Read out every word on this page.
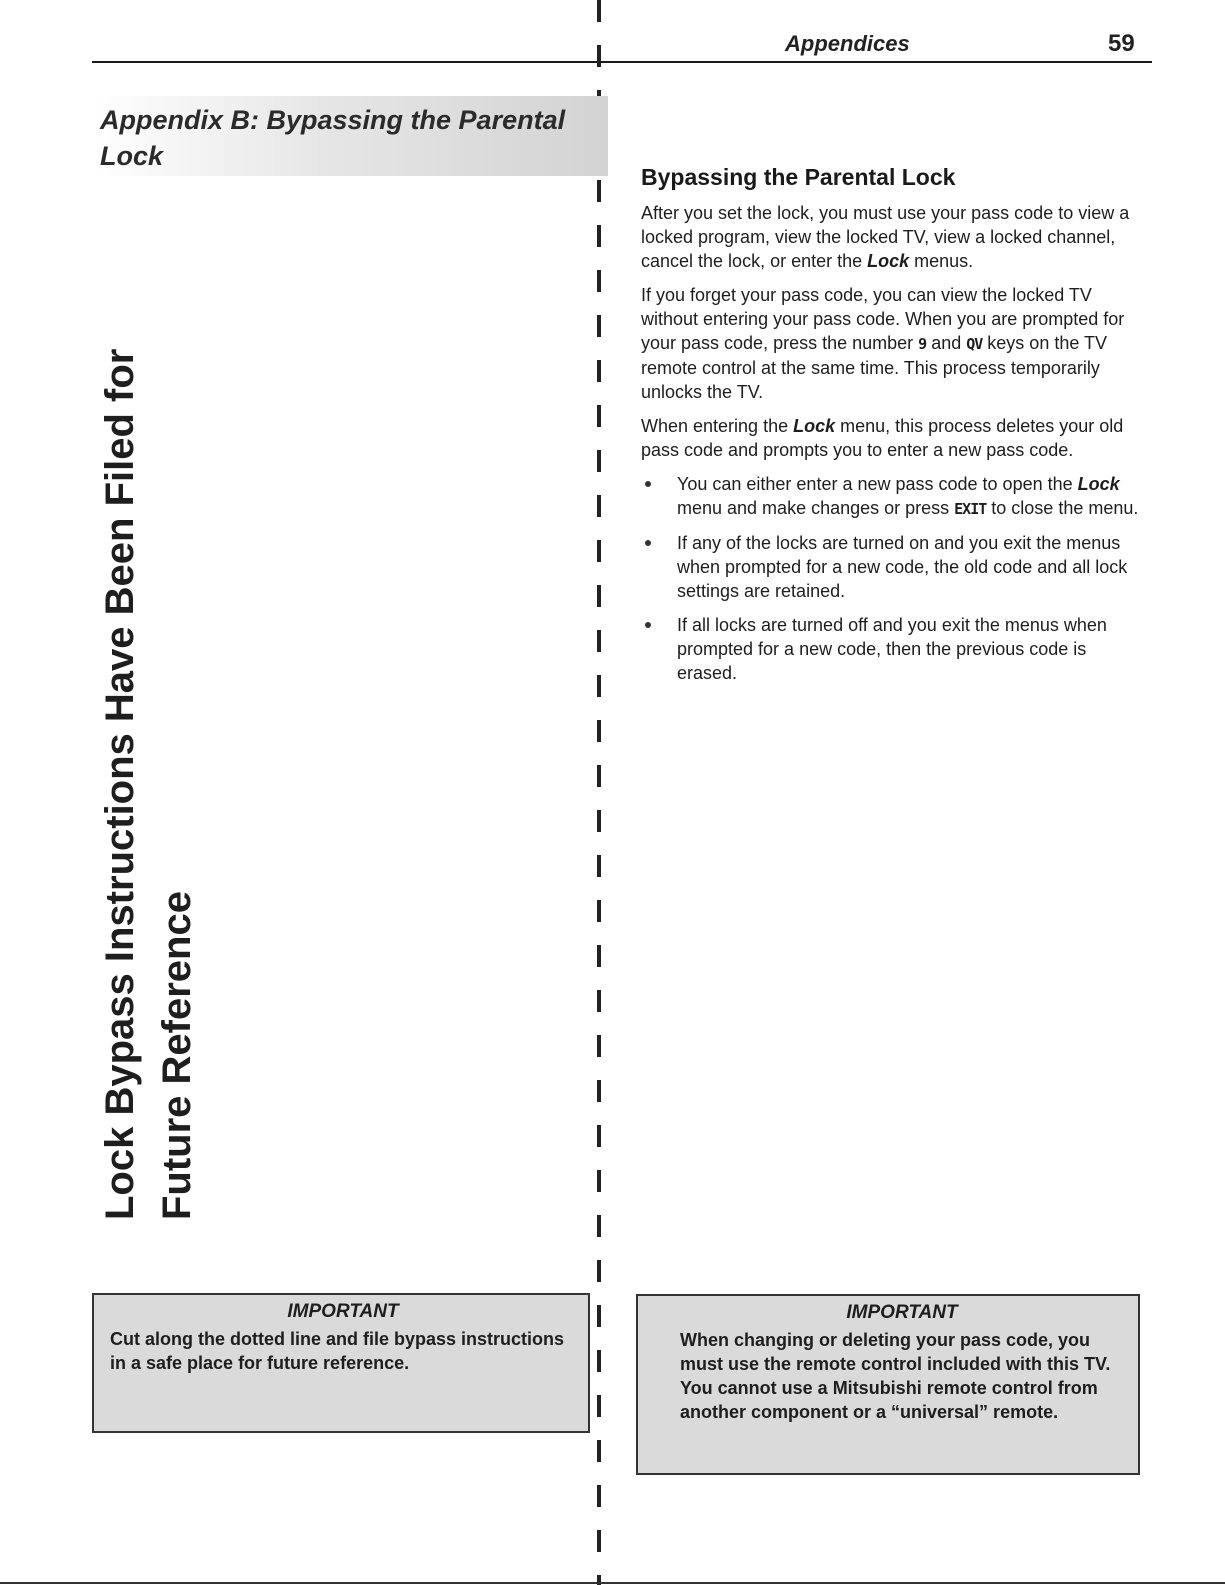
Appendices	59
Appendix B: Bypassing the Parental
Lock
Lock Bypass Instructions Have Been Filed for Future Reference
Bypassing the Parental Lock

After you set the lock, you must use your pass code to view a locked program, view the locked TV, view a locked channel, cancel the lock, or enter the Lock menus.

If you forget your pass code, you can view the locked TV without entering your pass code. When you are prompted for your pass code, press the number 9 and QV keys on the TV remote control at the same time. This process temporarily unlocks the TV.

When entering the Lock menu, this process deletes your old pass code and prompts you to enter a new pass code.

You can either enter a new pass code to open the Lock menu and make changes or press EXIT to close the menu.
If any of the locks are turned on and you exit the menus when prompted for a new code, the old code and all lock settings are retained.
If all locks are turned off and you exit the menus when prompted for a new code, then the previous code is erased.
IMPORTANT
Cut along the dotted line and file bypass instructions in a safe place for future reference.
IMPORTANT
When changing or deleting your pass code, you must use the remote control included with this TV. You cannot use a Mitsubishi remote control from another component or a “universal” remote.
